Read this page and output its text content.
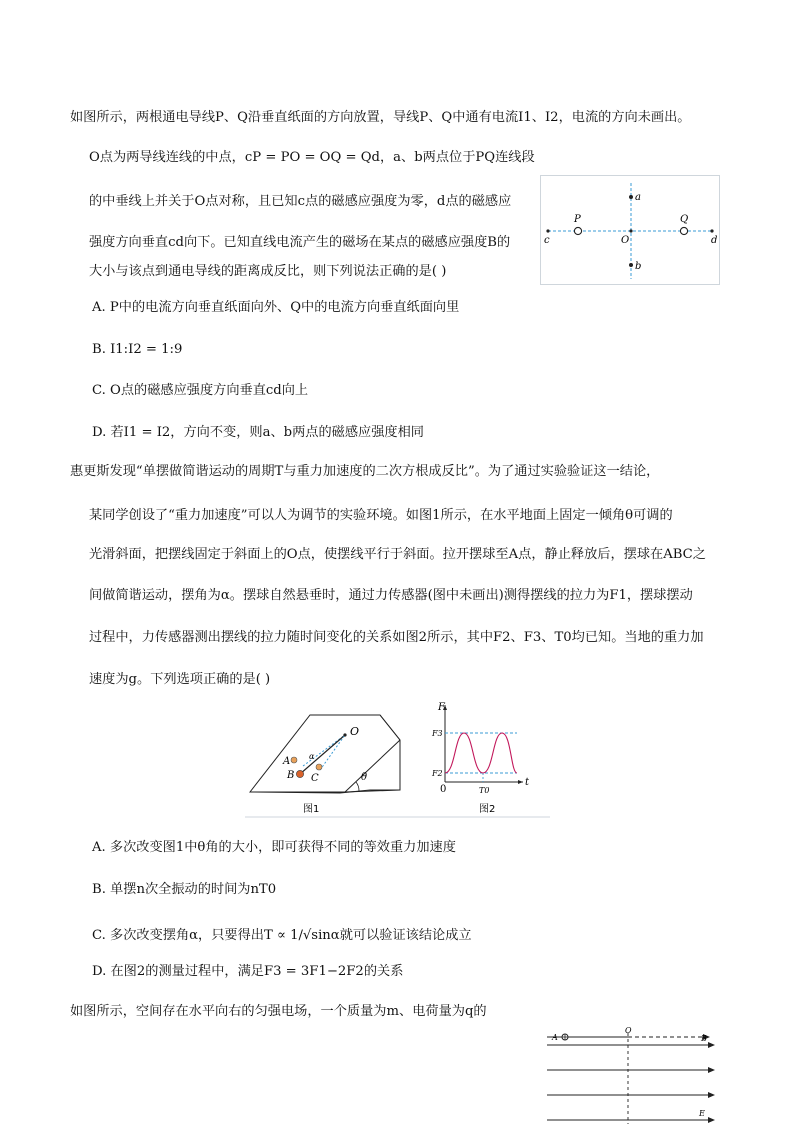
如图所示，两根通电导线P、Q沿垂直纸面的方向放置，导线P、Q中通有电流I1、I2，电流的方向未画出。
O点为两导线连线的中点，cP = PO = OQ = Qd，a、b两点位于PQ连线段
的中垂线上并关于O点对称，且已知c点的磁感应强度为零，d点的磁感应
强度方向垂直cd向下。已知直线电流产生的磁场在某点的磁感应强度B的
大小与该点到通电导线的距离成反比，则下列说法正确的是( )
A. P中的电流方向垂直纸面向外、Q中的电流方向垂直纸面向里
B. I1:I2 = 1:9
C. O点的磁感应强度方向垂直cd向上
D. 若I1 = I2，方向不变，则a、b两点的磁感应强度相同
c	d
P	Q
O
a
b
惠更斯发现“单摆做简谐运动的周期T与重力加速度的二次方根成反比”。为了通过实验验证这一结论，
某同学创设了“重力加速度”可以人为调节的实验环境。如图1所示，在水平地面上固定一倾角θ可调的
光滑斜面，把摆线固定于斜面上的O点，使摆线平行于斜面。拉开摆球至A点，静止释放后，摆球在ABC之
间做简谐运动，摆角为α。摆球自然悬垂时，通过力传感器(图中未画出)测得摆线的拉力为F1，摆球摆动
过程中，力传感器测出摆线的拉力随时间变化的关系如图2所示，其中F2、F3、T0均已知。当地的重力加
速度为g。下列选项正确的是( )
O
A
B C
α
θ
图1
F
F3
F2
0	T0
t
图2
A. 多次改变图1中θ角的大小，即可获得不同的等效重力加速度
B. 单摆n次全振动的时间为nT0
C. 多次改变摆角α，只要得出T ∝ 1/√sinα就可以验证该结论成立
D. 在图2的测量过程中，满足F3 = 3F1−2F2的关系
如图所示，空间存在水平向右的匀强电场，一个质量为m、电荷量为q的
A
O
B
E
